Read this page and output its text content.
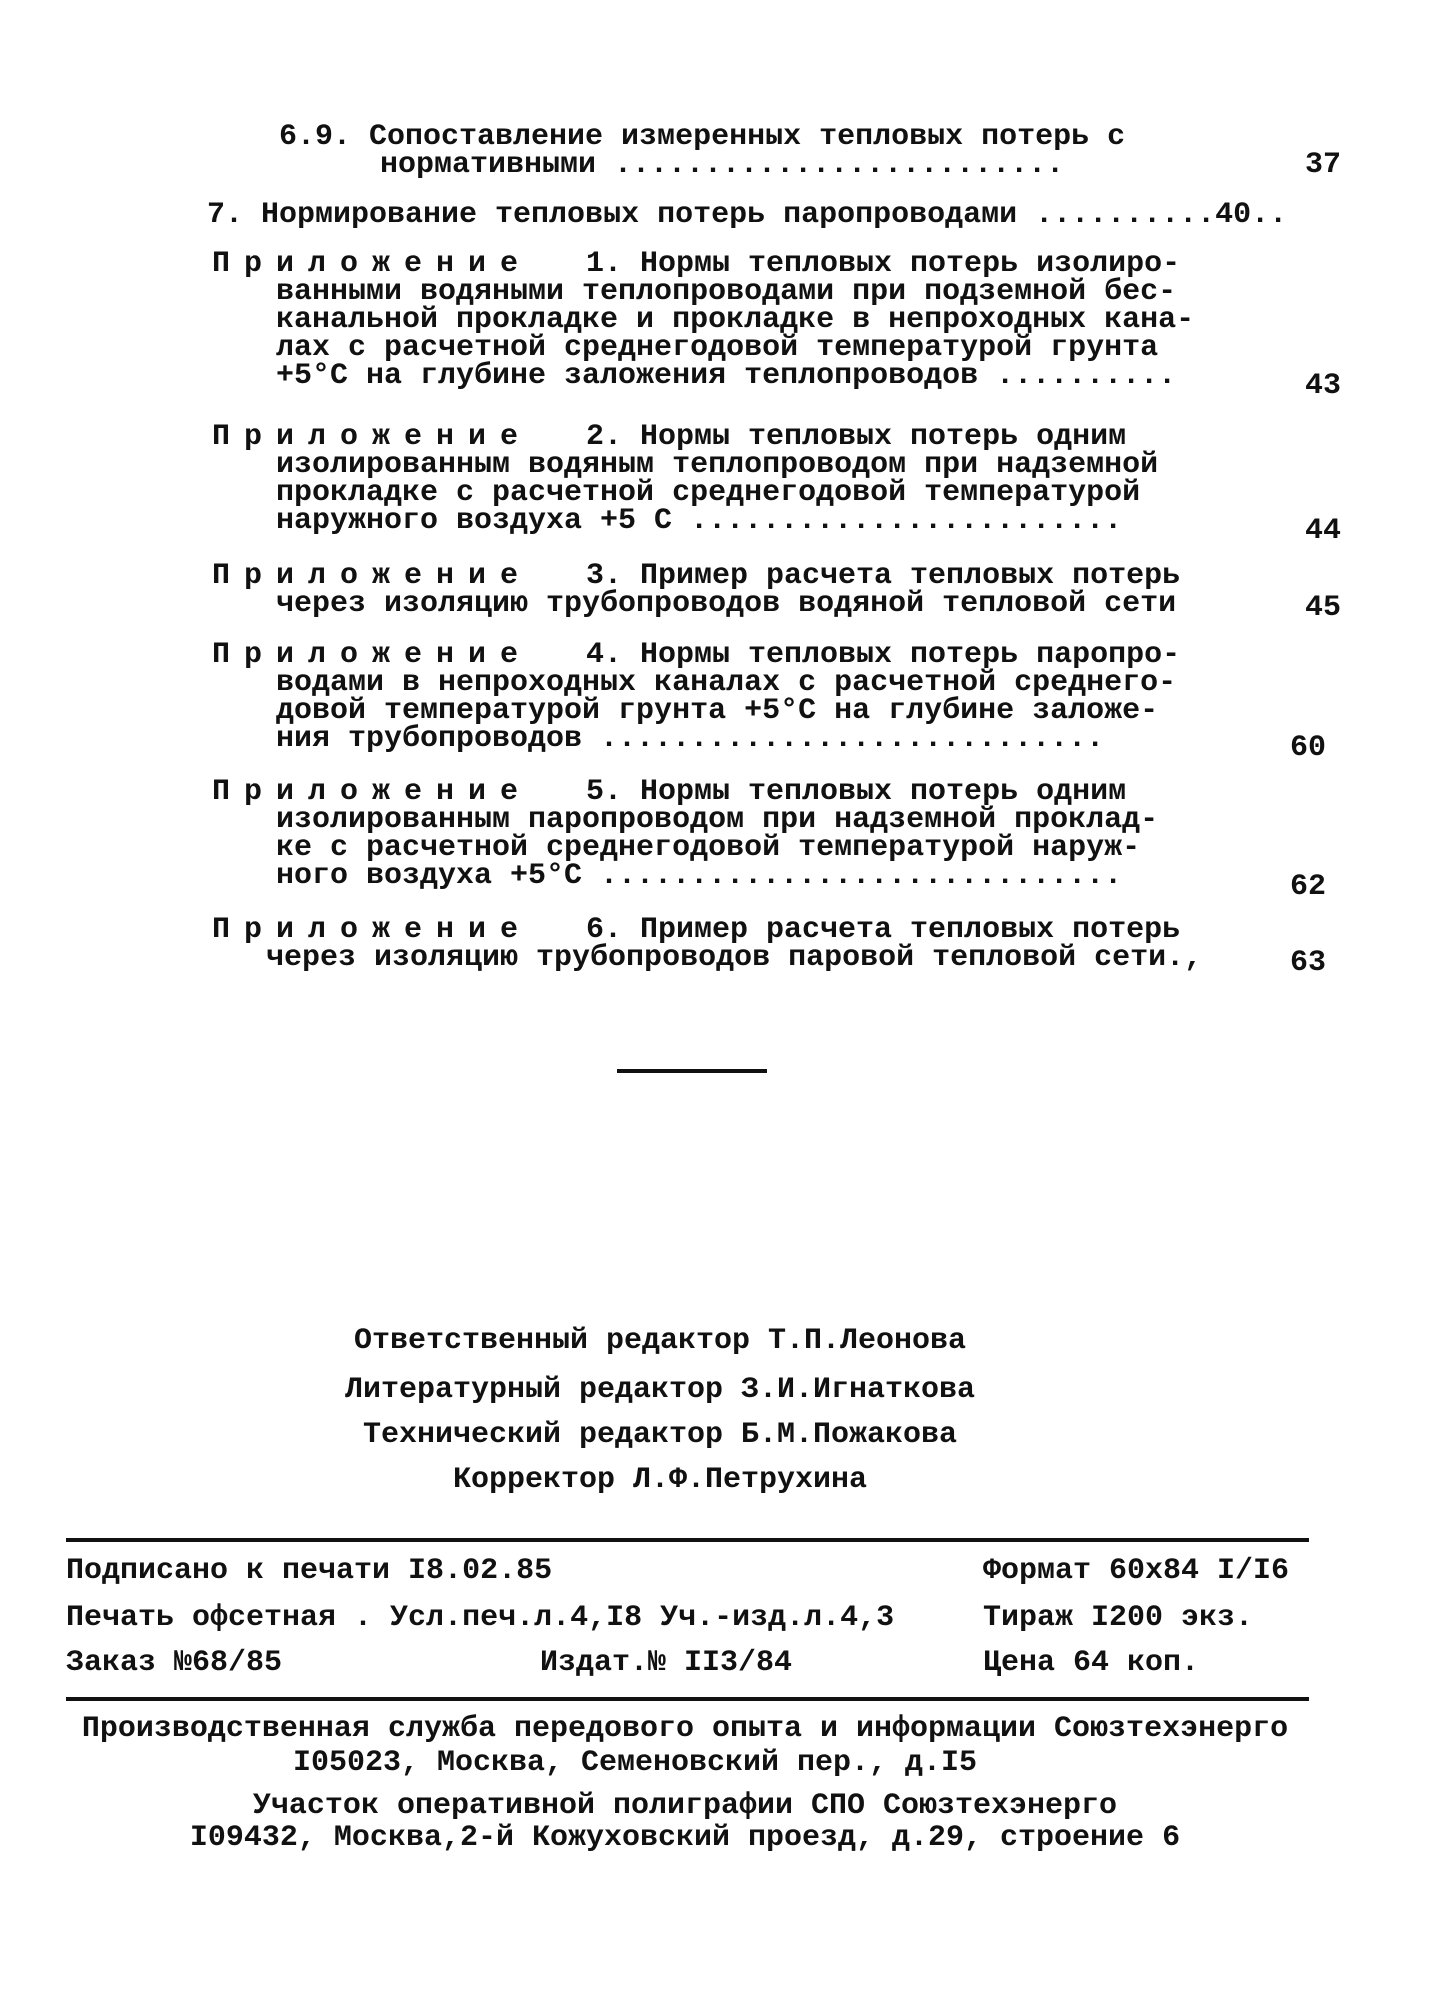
6.9. Сопоставление измеренных тепловых потерь с
нормативными .........................	37
7. Нормирование тепловых потерь паропроводами ..........40..
Приложение 1. Нормы тепловых потерь изолиро-
ванными водяными теплопроводами при подземной бес-
канальной прокладке и прокладке в непроходных кана-
лах с расчетной среднегодовой температурой грунта
+5°С на глубине заложения теплопроводов ..........	43
Приложение 2. Нормы тепловых потерь одним
изолированным водяным теплопроводом при надземной
прокладке с расчетной среднегодовой температурой
наружного воздуха +5 С ........................	44
Приложение 3. Пример расчета тепловых потерь
через изоляцию трубопроводов водяной тепловой сети	45
Приложение 4. Нормы тепловых потерь паропро-
водами в непроходных каналах с расчетной среднего-
довой температурой грунта +5°С на глубине заложе-
ния трубопроводов ............................	60
Приложение 5. Нормы тепловых потерь одним
изолированным паропроводом при надземной проклад-
ке с расчетной среднегодовой температурой наруж-
ного воздуха +5°С .............................	62
Приложение 6. Пример расчета тепловых потерь
через изоляцию трубопроводов паровой тепловой сети.,	63
Ответственный редактор Т.П.Леонова
Литературный редактор З.И.Игнаткова
Технический редактор Б.М.Пожакова
Корректор Л.Ф.Петрухина
Подписано к печати I8.02.85	Формат 60х84 I/I6
Печать офсетная . Усл.печ.л.4,I8 Уч.-изд.л.4,3	Тираж I200 экз.
Заказ №68/85	Издат.№ II3/84	Цена 64 коп.
Производственная служба передового опыта и информации Союзтехэнерго
I05023, Москва, Семеновский пер., д.I5
Участок оперативной полиграфии СПО Союзтехэнерго
I09432, Москва,2-й Кожуховский проезд, д.29, строение 6
